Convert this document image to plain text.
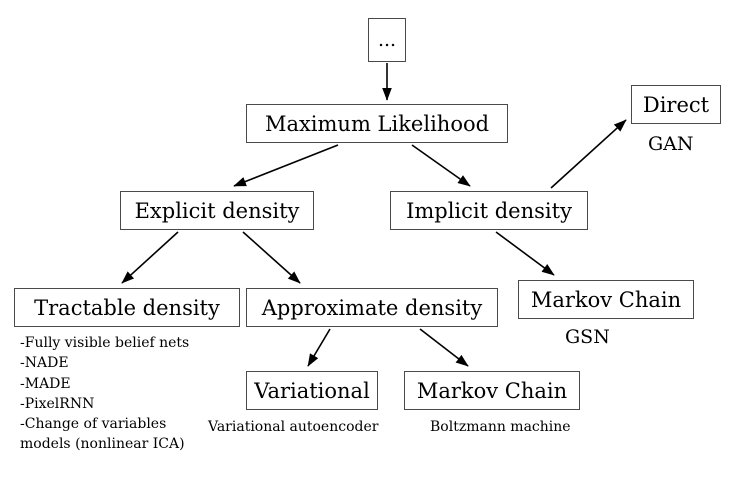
...
Maximum Likelihood
Direct
Explicit density	Implicit density
Tractable density Approximate density Markov Chain
Variational Markov Chain
GAN
GSN
Variational autoencoder	Boltzmann machine
-Fully visible belief nets
-NADE
-MADE
-PixelRNN
-Change of variables
models (nonlinear ICA)
